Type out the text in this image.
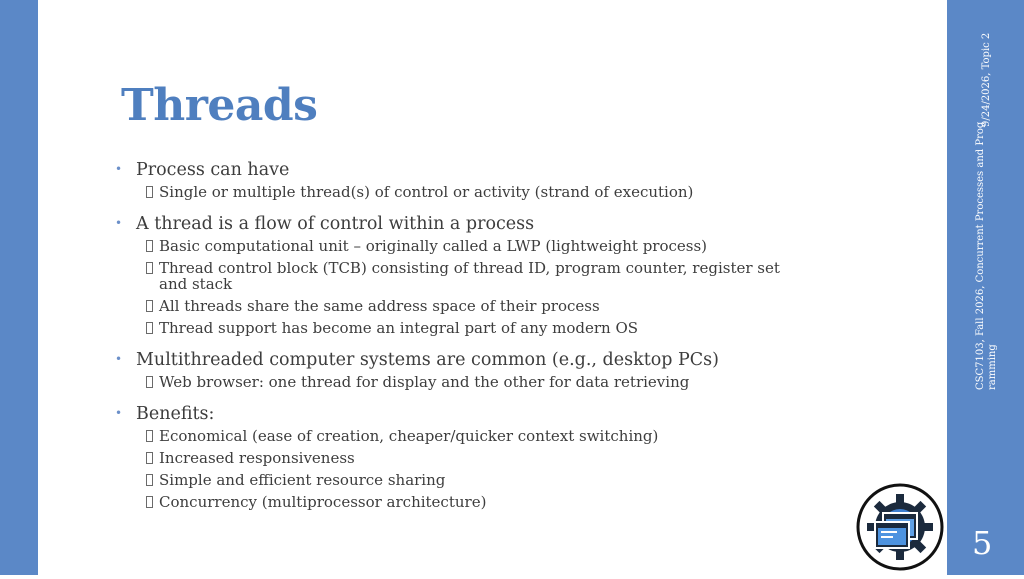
Threads
• Process can have
Single or multiple thread(s) of control or activity (strand of execution)
• A thread is a flow of control within a process
Basic computational unit – originally called a LWP (lightweight process)
Thread control block (TCB) consisting of thread ID, program counter, register set and stack
All threads share the same address space of their process
Thread support has become an integral part of any modern OS
• Multithreaded computer systems are common (e.g., desktop PCs)
Web browser: one thread for display and the other for data retrieving
• Benefits:
Economical (ease of creation, cheaper/quicker context switching)
Increased responsiveness
Simple and efficient resource sharing
Concurrency (multiprocessor architecture)
9/24/2026, Topic 2
CSC7103, Fall 2026, Concurrent Processes and Prog ramming
5
